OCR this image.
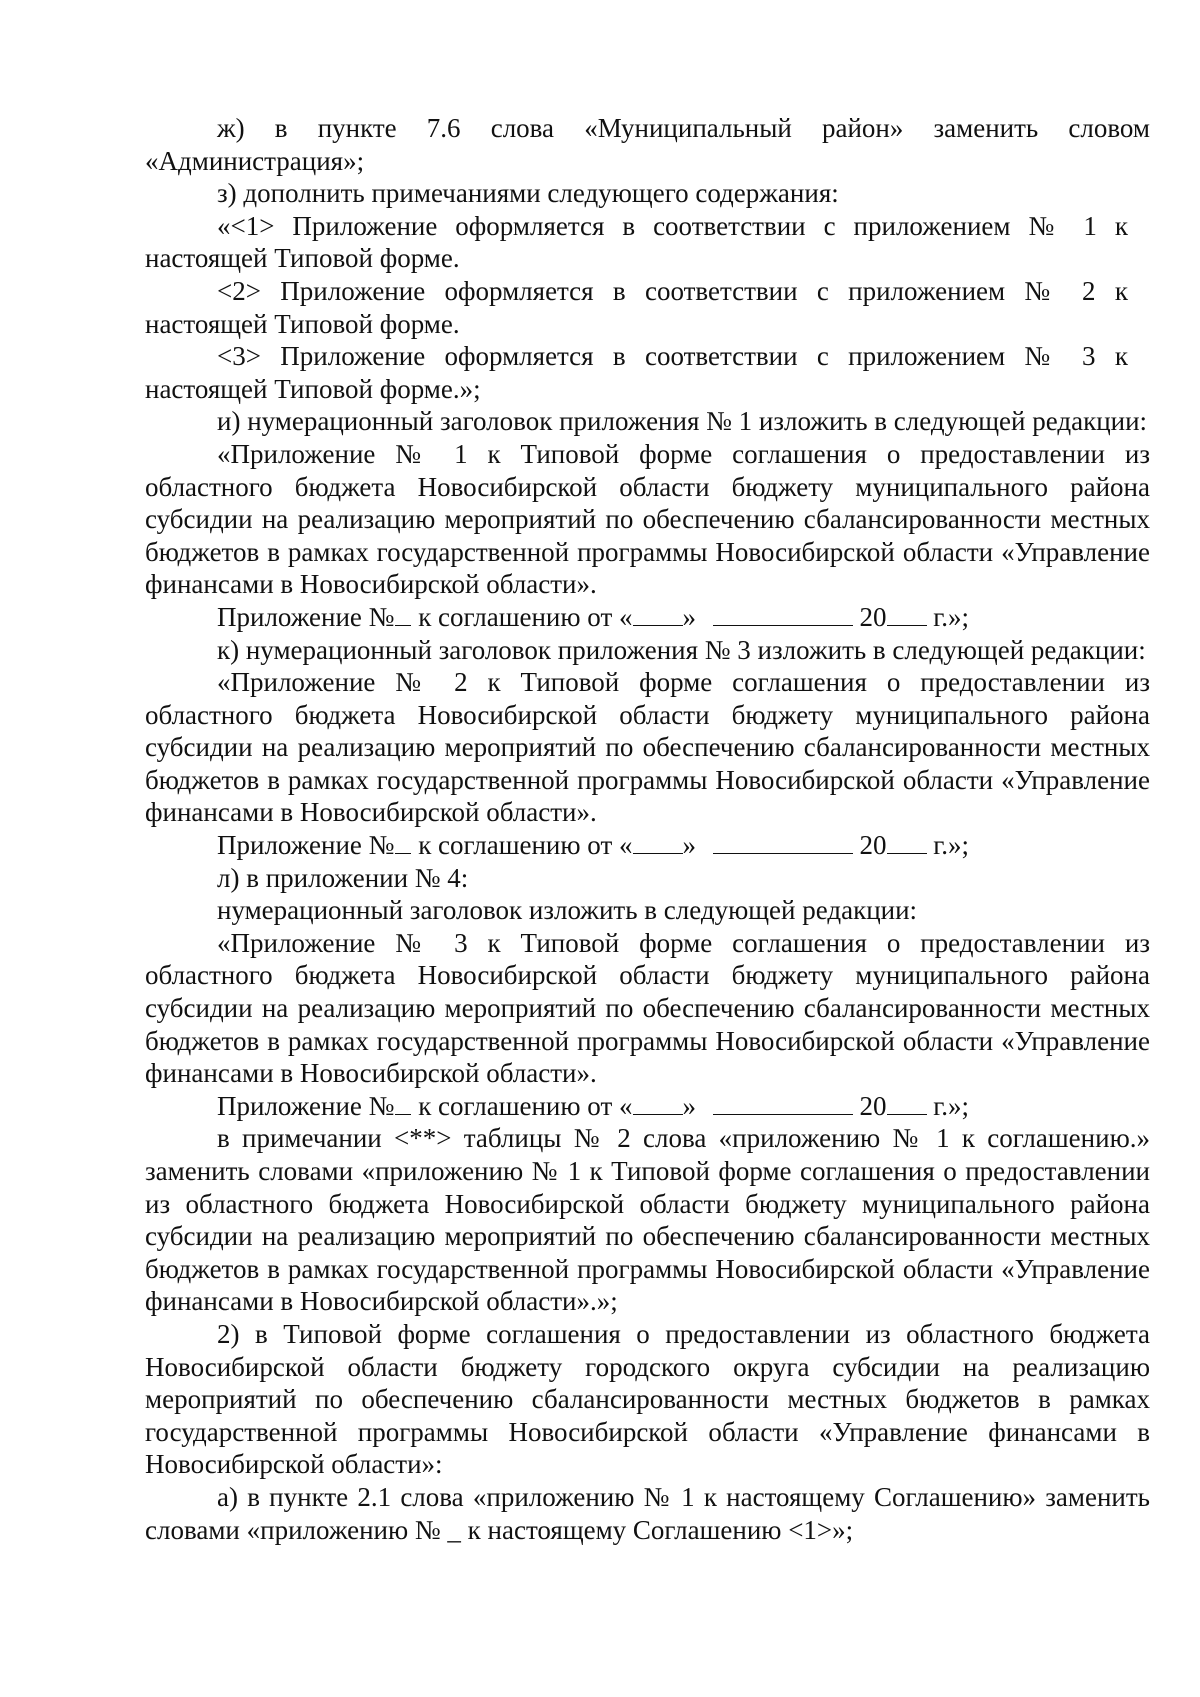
ж) в пункте 7.6 слова «Муниципальный район» заменить словом «Администрация»;

з) дополнить примечаниями следующего содержания:

«<1> Приложение оформляется в соответствии с приложением № 1 к настоящей Типовой форме.

<2> Приложение оформляется в соответствии с приложением № 2 к настоящей Типовой форме.

<3> Приложение оформляется в соответствии с приложением № 3 к настоящей Типовой форме.»;

и) нумерационный заголовок приложения № 1 изложить в следующей редакции:

«Приложение № 1 к Типовой форме соглашения о предоставлении из областного бюджета Новосибирской области бюджету муниципального района субсидии на реализацию мероприятий по обеспечению сбалансированности местных бюджетов в рамках государственной программы Новосибирской области «Управление финансами в Новосибирской области».

Приложение № к соглашению от « »	20 г.»;

к) нумерационный заголовок приложения № 3 изложить в следующей редакции:

«Приложение № 2 к Типовой форме соглашения о предоставлении из областного бюджета Новосибирской области бюджету муниципального района субсидии на реализацию мероприятий по обеспечению сбалансированности местных бюджетов в рамках государственной программы Новосибирской области «Управление финансами в Новосибирской области».

Приложение № к соглашению от « »	20 г.»;

л) в приложении № 4:

нумерационный заголовок изложить в следующей редакции:

«Приложение № 3 к Типовой форме соглашения о предоставлении из областного бюджета Новосибирской области бюджету муниципального района субсидии на реализацию мероприятий по обеспечению сбалансированности местных бюджетов в рамках государственной программы Новосибирской области «Управление финансами в Новосибирской области».

Приложение № к соглашению от « »	20 г.»;

в примечании <**> таблицы № 2 слова «приложению № 1 к соглашению.» заменить словами «приложению № 1 к Типовой форме соглашения о предоставлении из областного бюджета Новосибирской области бюджету муниципального района субсидии на реализацию мероприятий по обеспечению сбалансированности местных бюджетов в рамках государственной программы Новосибирской области «Управление финансами в Новосибирской области».»;

2) в Типовой форме соглашения о предоставлении из областного бюджета Новосибирской области бюджету городского округа субсидии на реализацию мероприятий по обеспечению сбалансированности местных бюджетов в рамках государственной программы Новосибирской области «Управление финансами в Новосибирской области»:

а) в пункте 2.1 слова «приложению № 1 к настоящему Соглашению» заменить словами «приложению № _ к настоящему Соглашению <1>»;
